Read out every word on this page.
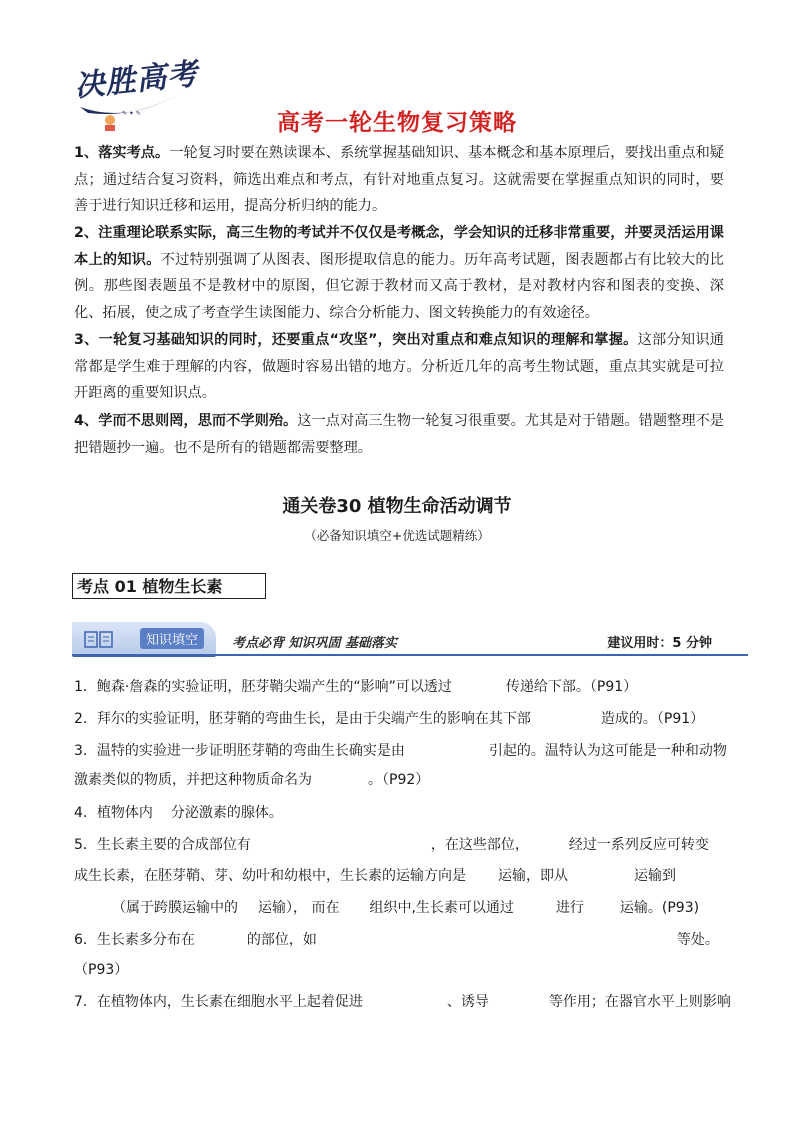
决胜高考
✎ ✦ ✎	高考一轮生物复习策略

1、落实考点。一轮复习时要在熟读课本、系统掌握基础知识、基本概念和基本原理后，要找出重点和疑点；通过结合复习资料，筛选出难点和考点，有针对地重点复习。这就需要在掌握重点知识的同时，要善于进行知识迁移和运用，提高分析归纳的能力。

2、注重理论联系实际，高三生物的考试并不仅仅是考概念，学会知识的迁移非常重要，并要灵活运用课本上的知识。不过特别强调了从图表、图形提取信息的能力。历年高考试题，图表题都占有比较大的比例。那些图表题虽不是教材中的原图，但它源于教材而又高于教材，是对教材内容和图表的变换、深化、拓展，使之成了考查学生读图能力、综合分析能力、图文转换能力的有效途径。

3、一轮复习基础知识的同时，还要重点“攻坚”，突出对重点和难点知识的理解和掌握。这部分知识通常都是学生难于理解的内容，做题时容易出错的地方。分析近几年的高考生物试题，重点其实就是可拉开距离的重要知识点。

4、学而不思则罔，思而不学则殆。这一点对高三生物一轮复习很重要。尤其是对于错题。错题整理不是把错题抄一遍。也不是所有的错题都需要整理。

通关卷30 植物生命活动调节
（必备知识填空+优选试题精练）
考点 01 植物生长素
知识填空	考点必背 知识巩固 基础落实	建议用时：5 分钟
1．鲍森·詹森的实验证明，胚芽鞘尖端产生的“影响”可以透过	传递给下部。（P91）
2．拜尔的实验证明，胚芽鞘的弯曲生长，是由于尖端产生的影响在其下部	造成的。（P91）
3．温特的实验进一步证明胚芽鞘的弯曲生长确实是由	引起的。温特认为这可能是一种和动物
激素类似的物质，并把这种物质命名为	。（P92）
4．植物体内 分泌激素的腺体。
5．生长素主要的合成部位有	，在这些部位，	经过一系列反应可转变
成生长素，在胚芽鞘、芽、幼叶和幼根中，生长素的运输方向是 运输，即从	运输到
（属于跨膜运输中的 运输）， 而在 组织中,生长素可以通过	进行	运输。(P93)
6．生长素多分布在	的部位，如	等处。
（P93）
7．在植物体内，生长素在细胞水平上起着促进	、诱导	等作用；在器官水平上则影响
